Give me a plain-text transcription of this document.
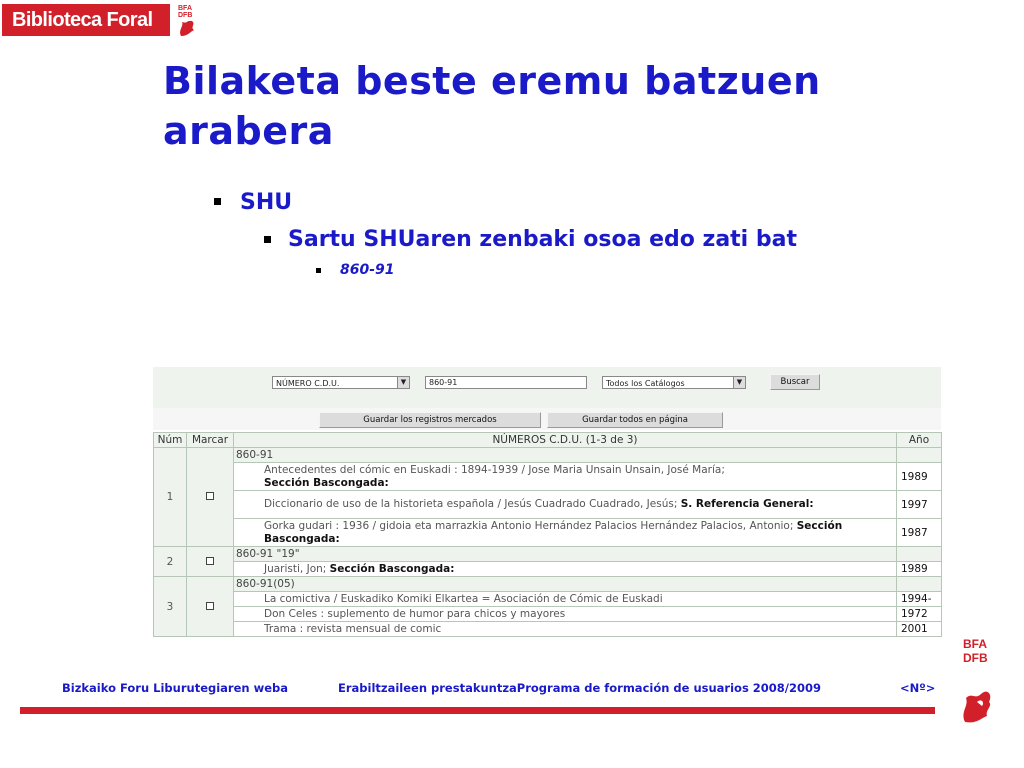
Biblioteca Foral
BFA
DFB
Bilaketa beste eremu batzuen arabera
SHU
Sartu SHUaren zenbaki osoa edo zati bat
860-91
NÚMERO C.D.U.	▼	860-91	Todos los Catálogos	▼	Buscar
Guardar los registros mercados	Guardar todos en página
Núm	Marcar	NÚMEROS C.D.U. (1-3 de 3)	Año
1		860-91	
		Antecedentes del cómic en Euskadi : 1894-1939 / Jose Maria Unsain Unsain, José María;
Sección Bascongada:	1989
		Diccionario de uso de la historieta española / Jesús Cuadrado Cuadrado, Jesús; S. Referencia General:	1997
		Gorka gudari : 1936 / gidoia eta marrazkia Antonio Hernández Palacios Hernández Palacios, Antonio; Sección Bascongada:	1987
2		860-91 "19"	
		Juaristi, Jon; Sección Bascongada:	1989
3		860-91(05)	
		La comictiva / Euskadiko Komiki Elkartea = Asociación de Cómic de Euskadi	1994-
		Don Celes : suplemento de humor para chicos y mayores	1972
		Trama : revista mensual de comic	2001
Bizkaiko Foru Liburutegiaren weba	Erabiltzaileen prestakuntzaPrograma de formación de usuarios 2008/2009	<Nº>
BFA
DFB
